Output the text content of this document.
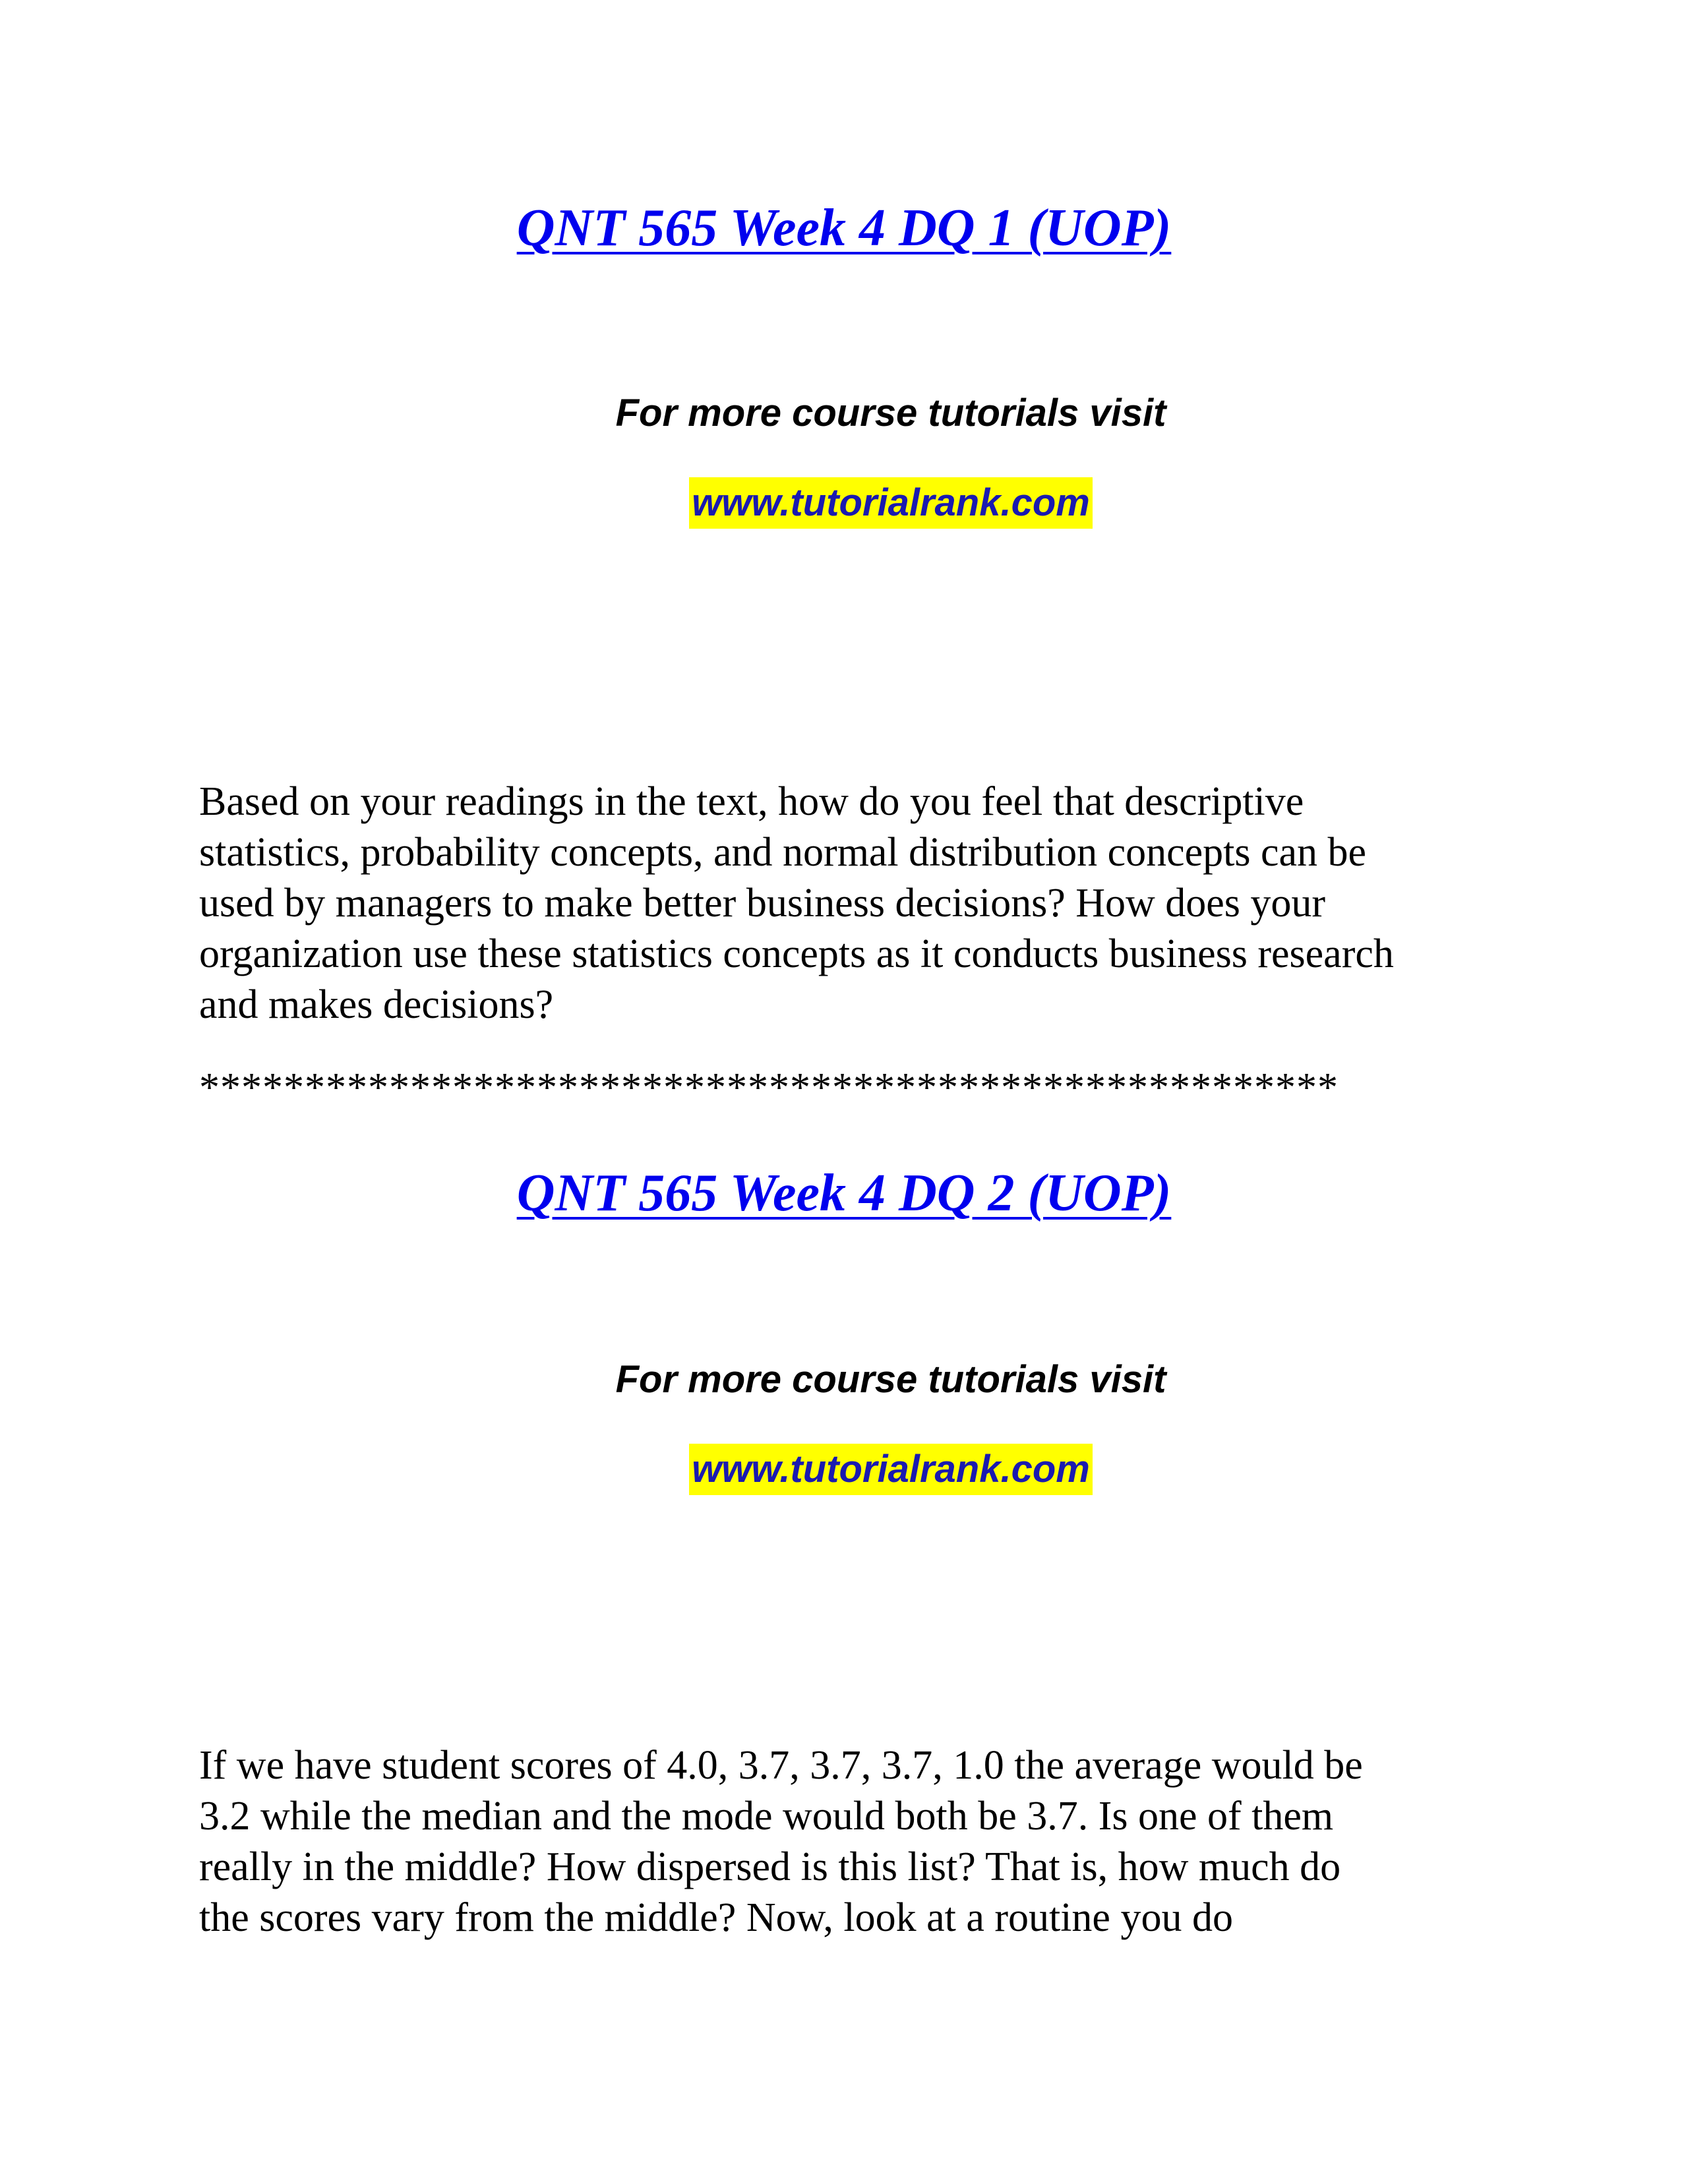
QNT 565 Week 4 DQ 1 (UOP)
For more course tutorials visit
www.tutorialrank.com
Based on your readings in the text, how do you feel that descriptive
statistics, probability concepts, and normal distribution concepts can be
used by managers to make better business decisions? How does your
organization use these statistics concepts as it conducts business research
and makes decisions?
******************************************************
QNT 565 Week 4 DQ 2 (UOP)
For more course tutorials visit
www.tutorialrank.com
If we have student scores of 4.0, 3.7, 3.7, 3.7, 1.0 the average would be
3.2 while the median and the mode would both be 3.7. Is one of them
really in the middle? How dispersed is this list? That is, how much do
the scores vary from the middle? Now, look at a routine you do
